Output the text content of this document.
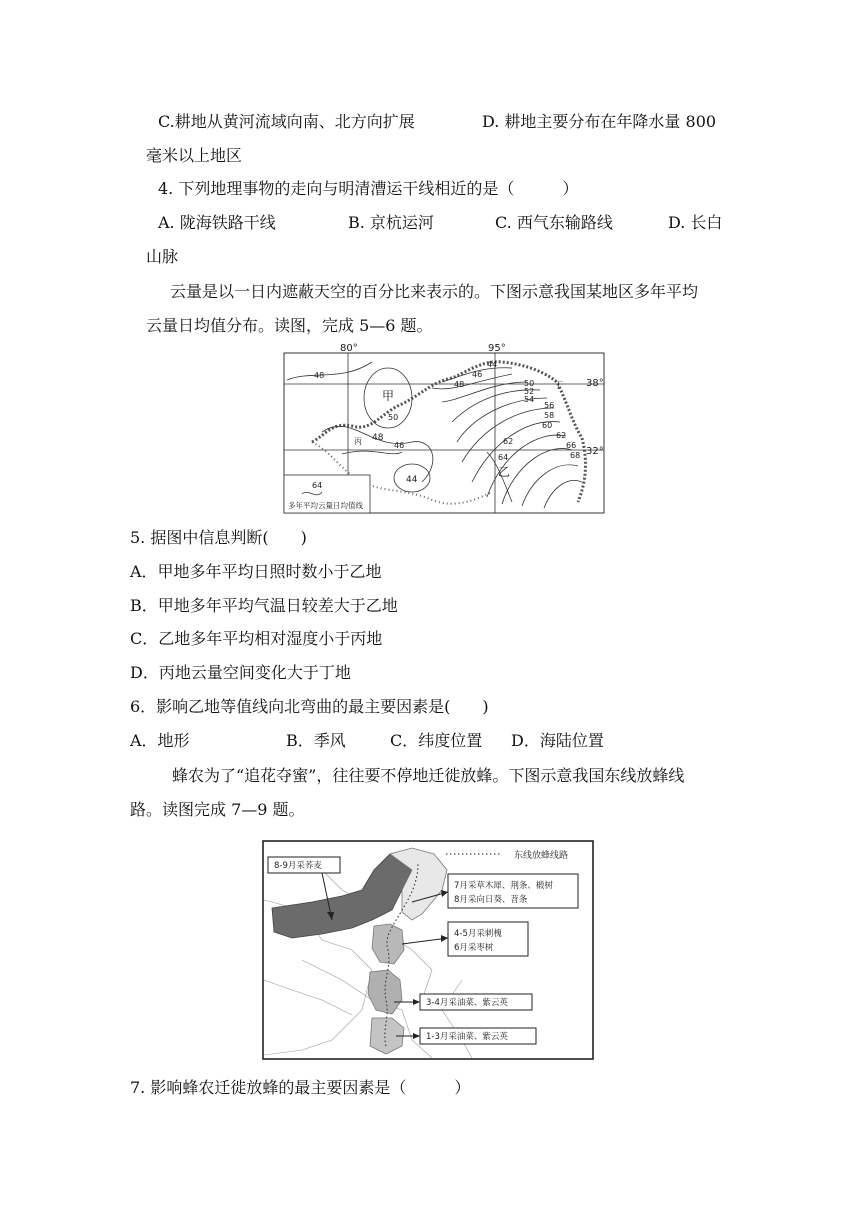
C.耕地从黄河流域向南、北方向扩展	D. 耕地主要分布在年降水量 800
毫米以上地区
4. 下列地理事物的走向与明清漕运干线相近的是（　　　）
A. 陇海铁路干线	B. 京杭运河	C. 西气东输路线	D. 长白
山脉
云量是以一日内遮蔽天空的百分比来表示的。下图示意我国某地区多年平均
云量日均值分布。读图，完成 5—6 题。
80°	95°
38°
32°
甲
乙
丙
丁
48
50
48
46
44
44
46
48	50
52
54
56
58
60
62
62
64
66
68
64
多年平均云量日均值线
5. 据图中信息判断(　　)
A．甲地多年平均日照时数小于乙地
B．甲地多年平均气温日较差大于乙地
C．乙地多年平均相对湿度小于丙地
D．丙地云量空间变化大于丁地
6．影响乙地等值线向北弯曲的最主要因素是(　　)
A．地形	B．季风	C．纬度位置 D．海陆位置
蜂农为了“追花夺蜜”，往往要不停地迁徙放蜂。下图示意我国东线放蜂线
路。读图完成 7—9 题。
东线放蜂线路
8-9月采荞麦
7月采草木犀、荆条、椴树
8月采向日葵、苕条
4-5月采刺槐
6月采枣树
3-4月采油菜、紫云英
1-3月采油菜、紫云英
7. 影响蜂农迁徙放蜂的最主要因素是（　　　）
